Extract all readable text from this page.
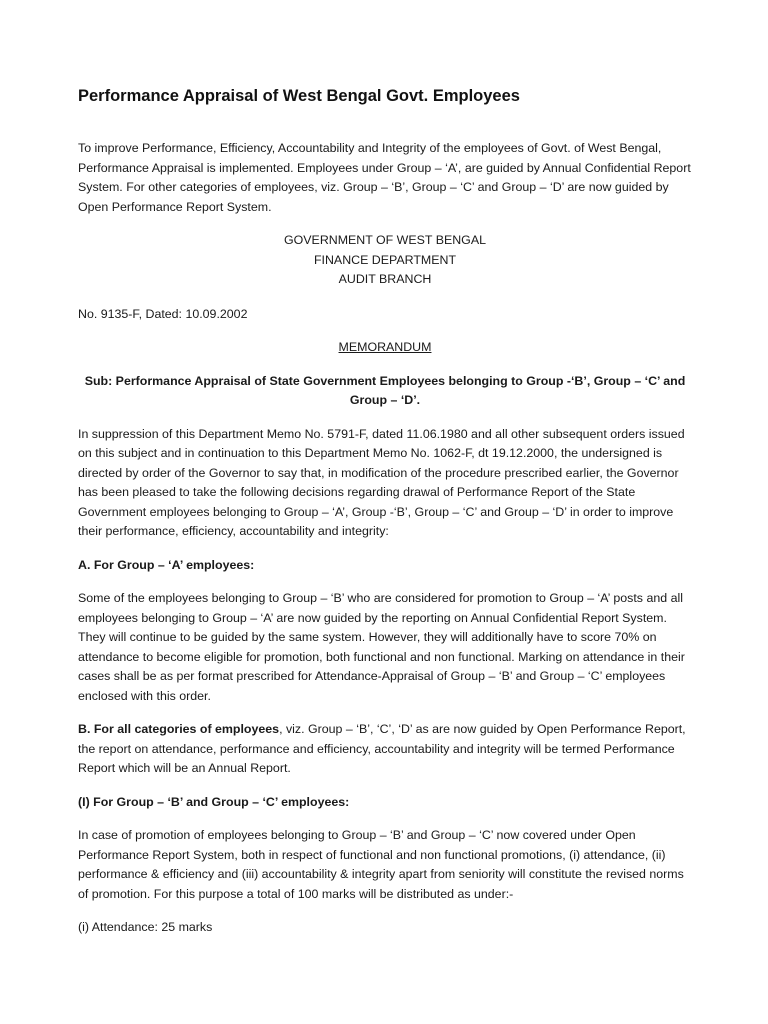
Performance Appraisal of West Bengal Govt. Employees

To improve Performance, Efficiency, Accountability and Integrity of the employees of Govt. of West Bengal, Performance Appraisal is implemented. Employees under Group – ‘A’, are guided by Annual Confidential Report System. For other categories of employees, viz. Group – ‘B’, Group – ‘C’ and Group – ‘D’ are now guided by Open Performance Report System.

GOVERNMENT OF WEST BENGAL
FINANCE DEPARTMENT
AUDIT BRANCH

No. 9135-F, Dated: 10.09.2002

MEMORANDUM

Sub: Performance Appraisal of State Government Employees belonging to Group -‘B’, Group – ‘C’ and Group – ‘D’.

In suppression of this Department Memo No. 5791-F, dated 11.06.1980 and all other subsequent orders issued on this subject and in continuation to this Department Memo No. 1062-F, dt 19.12.2000, the undersigned is directed by order of the Governor to say that, in modification of the procedure prescribed earlier, the Governor has been pleased to take the following decisions regarding drawal of Performance Report of the State Government employees belonging to Group – ‘A’, Group -‘B’, Group – ‘C’ and Group – ‘D’ in order to improve their performance, efficiency, accountability and integrity:

A. For Group – ‘A’ employees:

Some of the employees belonging to Group – ‘B’ who are considered for promotion to Group – ‘A’ posts and all employees belonging to Group – ‘A’ are now guided by the reporting on Annual Confidential Report System. They will continue to be guided by the same system. However, they will additionally have to score 70% on attendance to become eligible for promotion, both functional and non functional. Marking on attendance in their cases shall be as per format prescribed for Attendance-Appraisal of Group – ‘B’ and Group – ‘C’ employees enclosed with this order.

B. For all categories of employees, viz. Group – ‘B’, ‘C’, ‘D’ as are now guided by Open Performance Report, the report on attendance, performance and efficiency, accountability and integrity will be termed Performance Report which will be an Annual Report.

(I) For Group – ‘B’ and Group – ‘C’ employees:

In case of promotion of employees belonging to Group – ‘B’ and Group – ‘C’ now covered under Open Performance Report System, both in respect of functional and non functional promotions, (i) attendance, (ii) performance & efficiency and (iii) accountability & integrity apart from seniority will constitute the revised norms of promotion. For this purpose a total of 100 marks will be distributed as under:-

(i) Attendance: 25 marks
